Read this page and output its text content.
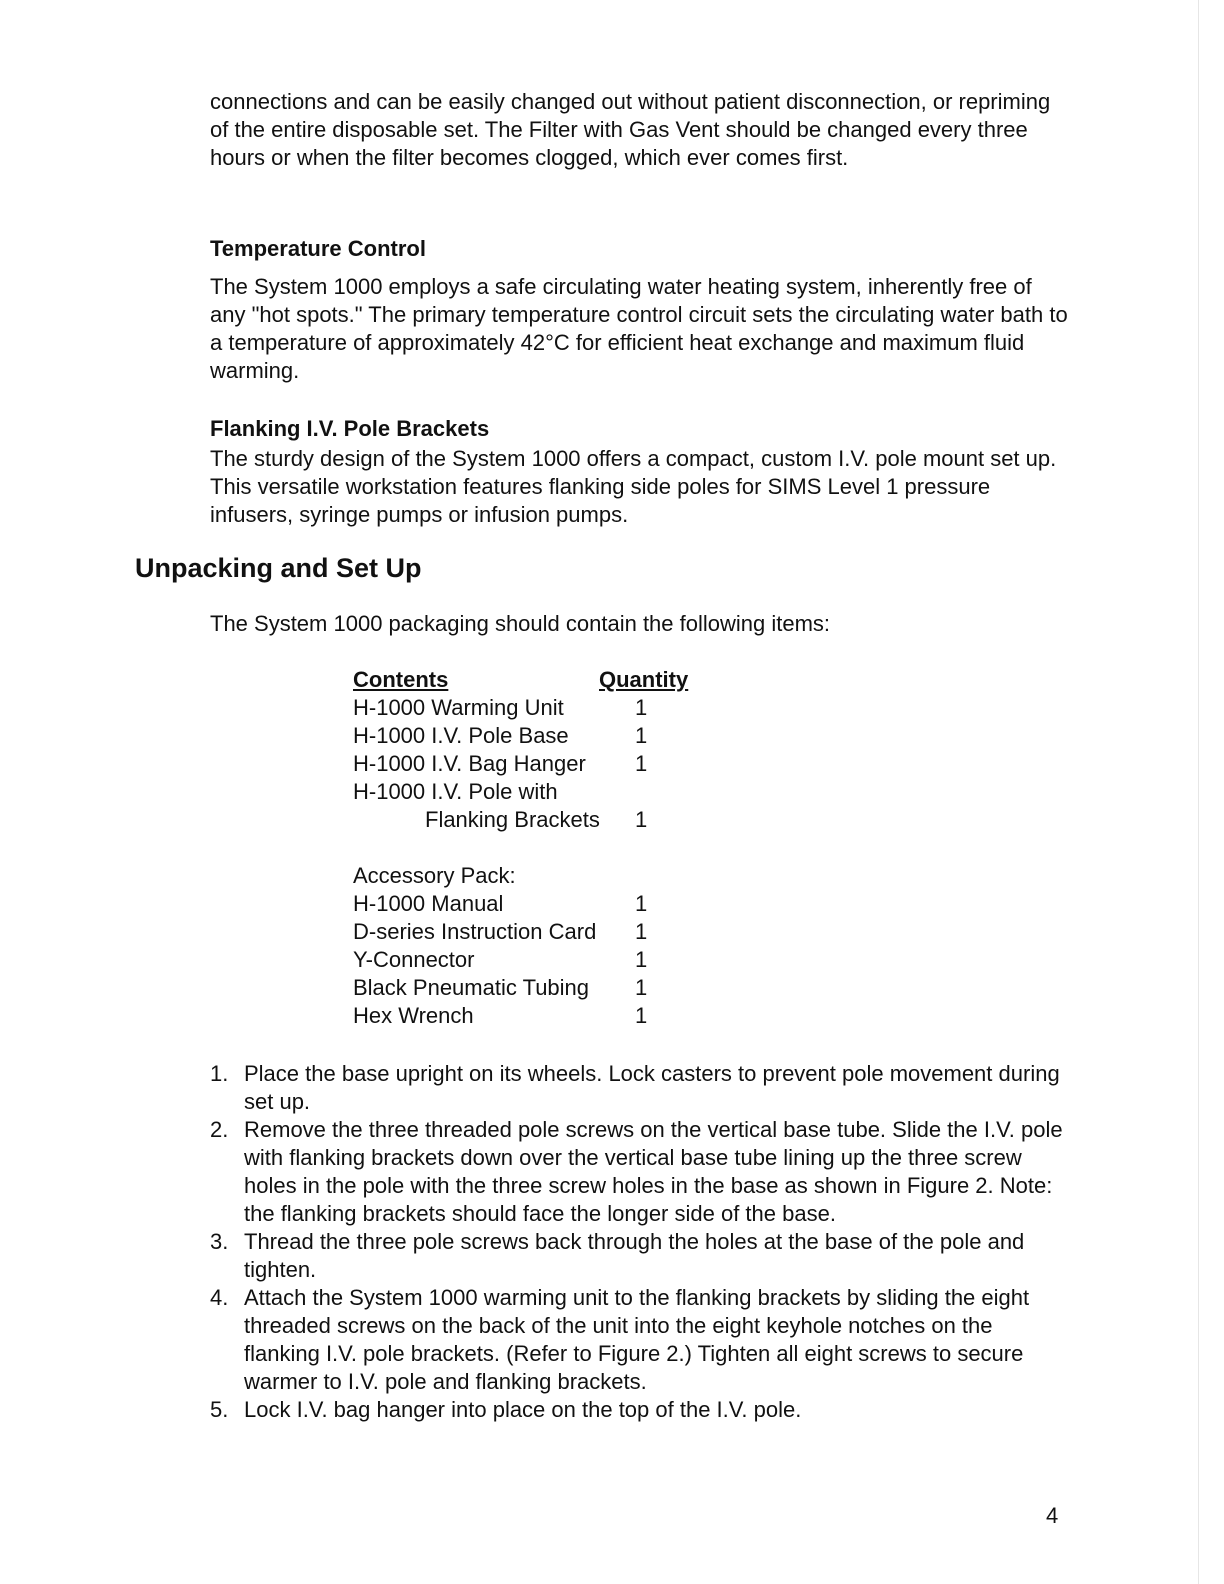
connections and can be easily changed out without patient disconnection, or repriming of the entire disposable set. The Filter with Gas Vent should be changed every three hours or when the filter becomes clogged, which ever comes first.

Temperature Control

The System 1000 employs a safe circulating water heating system, inherently free of any "hot spots." The primary temperature control circuit sets the circulating water bath to a temperature of approximately 42°C for efficient heat exchange and maximum fluid warming.

Flanking I.V. Pole Brackets

The sturdy design of the System 1000 offers a compact, custom I.V. pole mount set up. This versatile workstation features flanking side poles for SIMS Level 1 pressure infusers, syringe pumps or infusion pumps.

Unpacking and Set Up

The System 1000 packaging should contain the following items:

Contents	Quantity
H-1000 Warming Unit	1
H-1000 I.V. Pole Base	1
H-1000 I.V. Bag Hanger	1
H-1000 I.V. Pole with
Flanking Brackets	1
Accessory Pack:
H-1000 Manual	1
D-series Instruction Card	1
Y-Connector	1
Black Pneumatic Tubing	1
Hex Wrench	1
1. Place the base upright on its wheels. Lock casters to prevent pole movement during set up.
2. Remove the three threaded pole screws on the vertical base tube. Slide the I.V. pole with flanking brackets down over the vertical base tube lining up the three screw holes in the pole with the three screw holes in the base as shown in Figure 2. Note: the flanking brackets should face the longer side of the base.
3. Thread the three pole screws back through the holes at the base of the pole and tighten.
4. Attach the System 1000 warming unit to the flanking brackets by sliding the eight threaded screws on the back of the unit into the eight keyhole notches on the flanking I.V. pole brackets. (Refer to Figure 2.) Tighten all eight screws to secure warmer to I.V. pole and flanking brackets.
5. Lock I.V. bag hanger into place on the top of the I.V. pole.
4
